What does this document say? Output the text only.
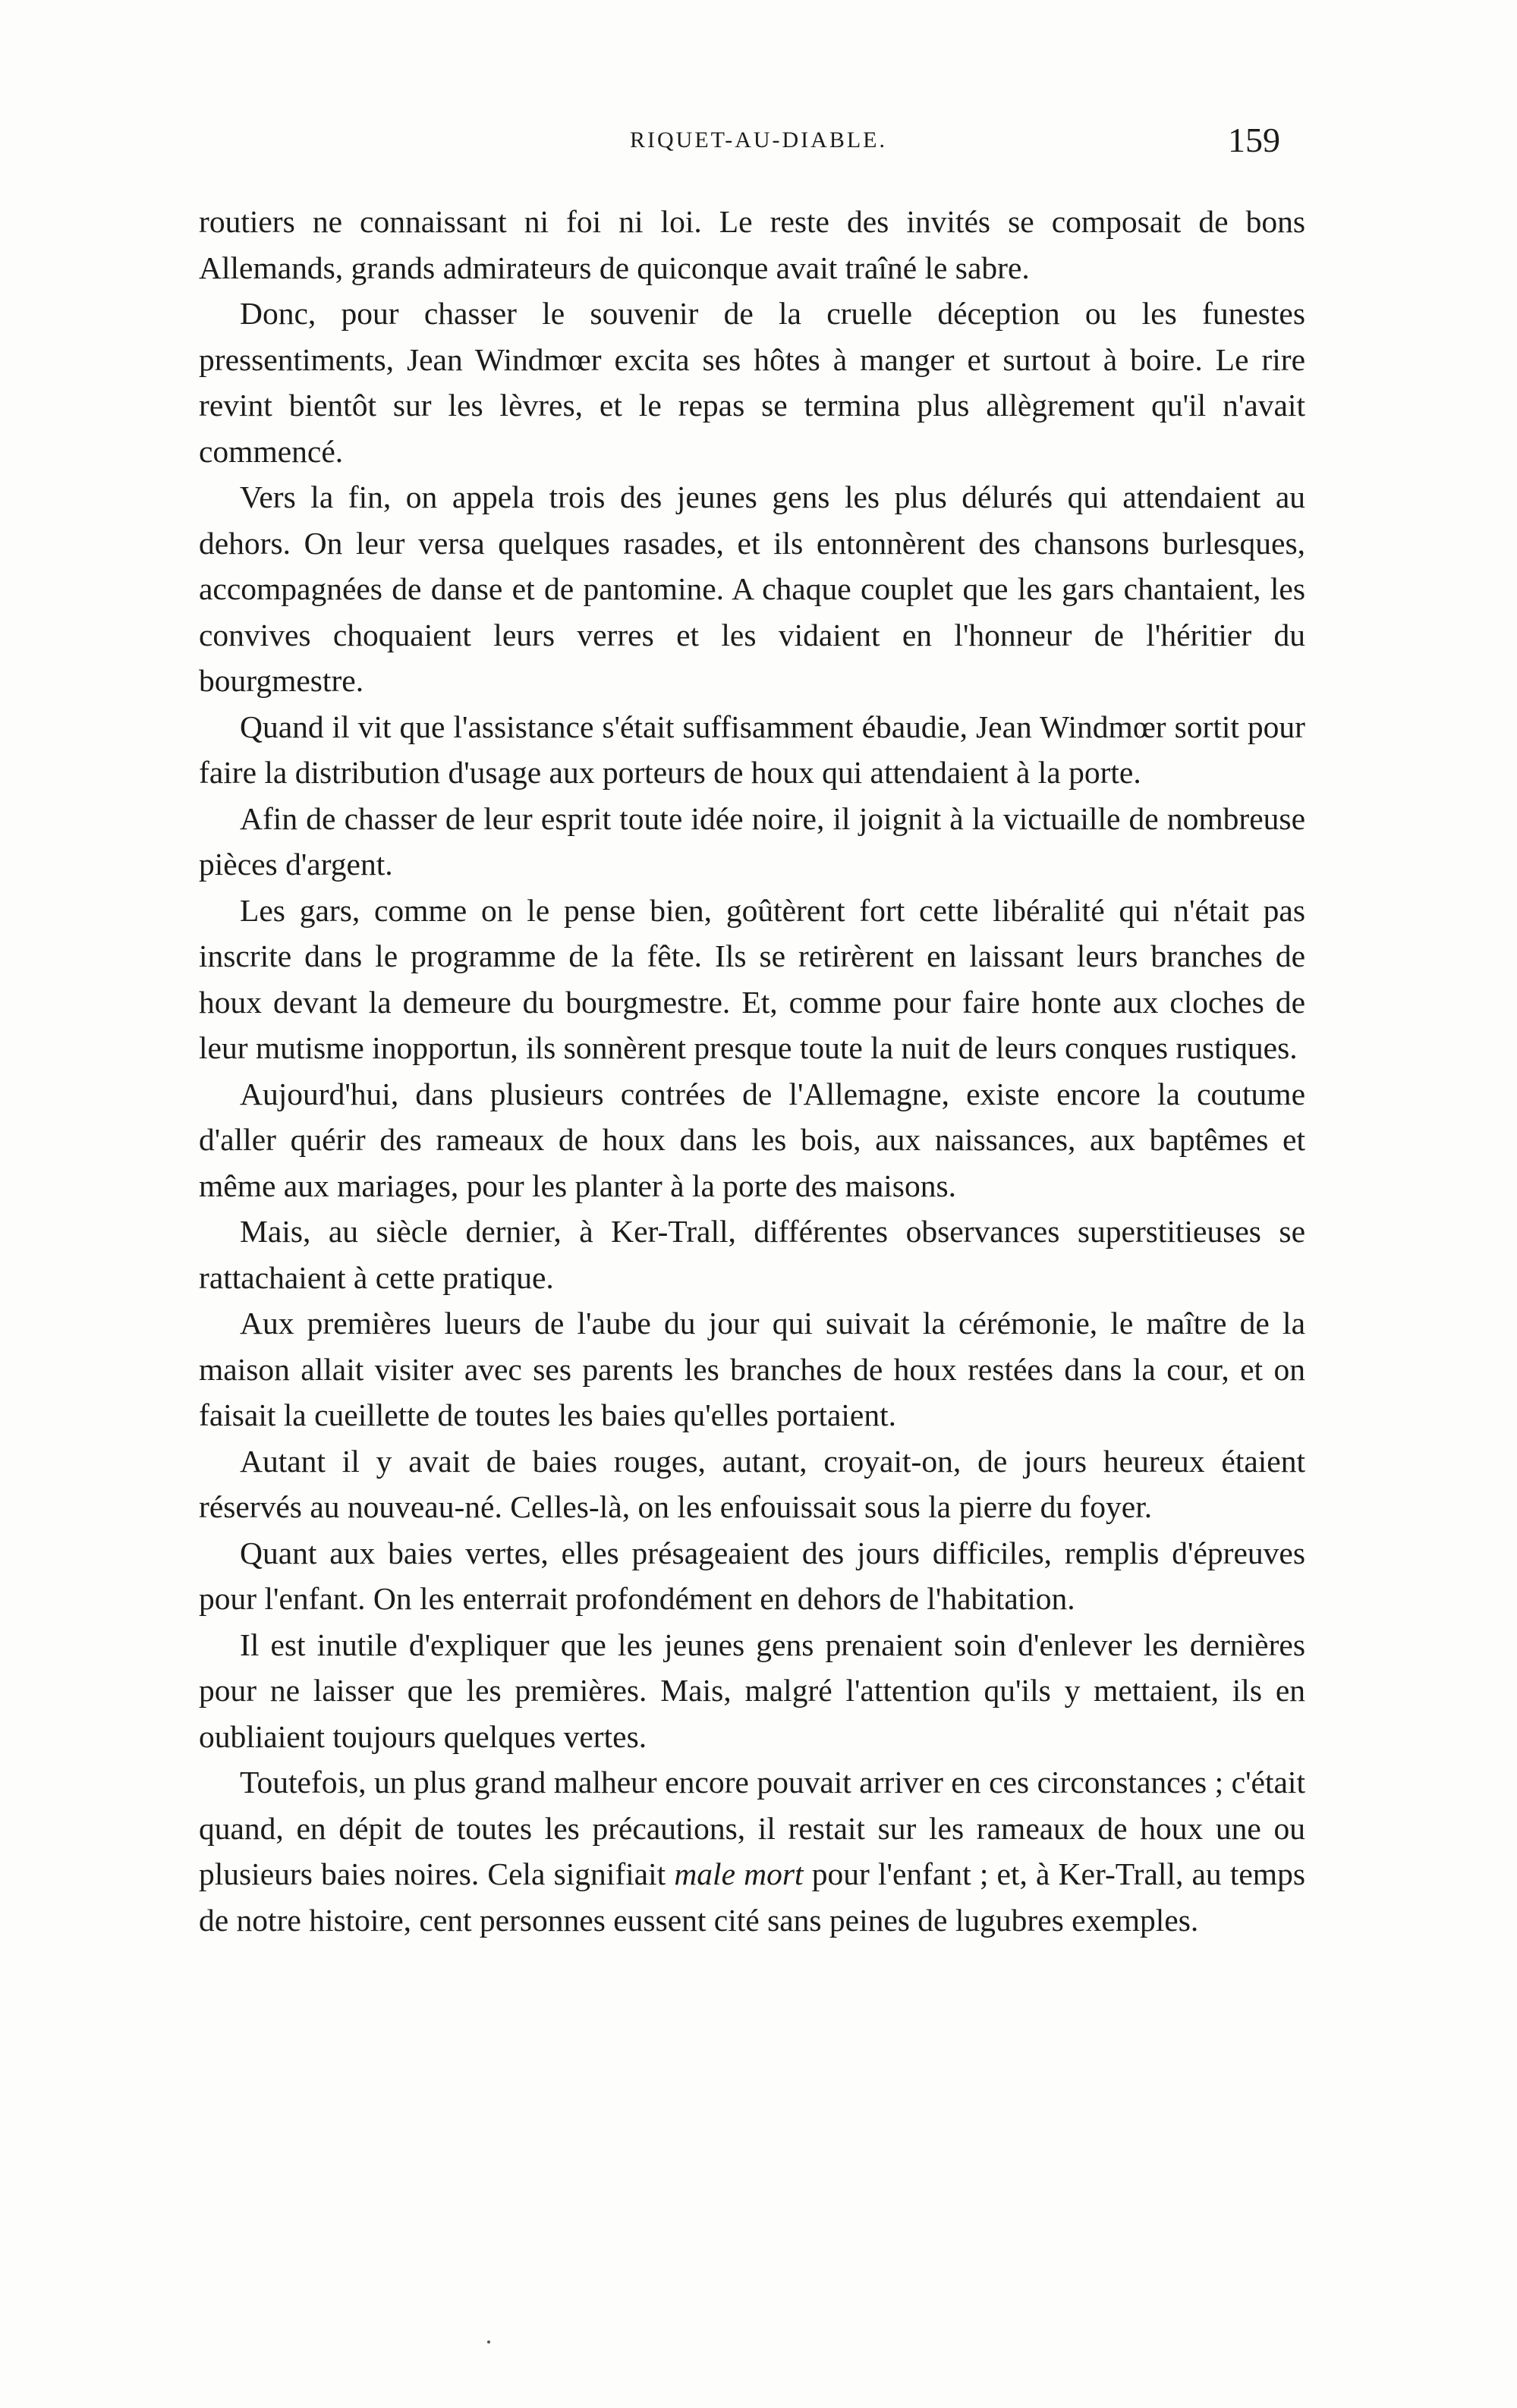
RIQUET-AU-DIABLE.	159

routiers ne connaissant ni foi ni loi. Le reste des invités se composait de bons Allemands, grands admirateurs de quiconque avait traîné le sabre.

Donc, pour chasser le souvenir de la cruelle déception ou les funestes pressentiments, Jean Windmœr excita ses hôtes à manger et surtout à boire. Le rire revint bientôt sur les lèvres, et le repas se termina plus allègrement qu'il n'avait commencé.

Vers la fin, on appela trois des jeunes gens les plus délurés qui attendaient au dehors. On leur versa quelques rasades, et ils entonnèrent des chansons burlesques, accompagnées de danse et de pantomine. A chaque couplet que les gars chantaient, les convives choquaient leurs verres et les vidaient en l'honneur de l'héritier du bourgmestre.

Quand il vit que l'assistance s'était suffisamment ébaudie, Jean Windmœr sortit pour faire la distribution d'usage aux porteurs de houx qui attendaient à la porte.

Afin de chasser de leur esprit toute idée noire, il joignit à la victuaille de nombreuse pièces d'argent.

Les gars, comme on le pense bien, goûtèrent fort cette libéralité qui n'était pas inscrite dans le programme de la fête. Ils se retirèrent en laissant leurs branches de houx devant la demeure du bourgmestre. Et, comme pour faire honte aux cloches de leur mutisme inopportun, ils sonnèrent presque toute la nuit de leurs conques rustiques.

Aujourd'hui, dans plusieurs contrées de l'Allemagne, existe encore la coutume d'aller quérir des rameaux de houx dans les bois, aux naissances, aux baptêmes et même aux mariages, pour les planter à la porte des maisons.

Mais, au siècle dernier, à Ker-Trall, différentes observances superstitieuses se rattachaient à cette pratique.

Aux premières lueurs de l'aube du jour qui suivait la cérémonie, le maître de la maison allait visiter avec ses parents les branches de houx restées dans la cour, et on faisait la cueillette de toutes les baies qu'elles portaient.

Autant il y avait de baies rouges, autant, croyait-on, de jours heureux étaient réservés au nouveau-né. Celles-là, on les enfouissait sous la pierre du foyer.

Quant aux baies vertes, elles présageaient des jours difficiles, remplis d'épreuves pour l'enfant. On les enterrait profondément en dehors de l'habitation.

Il est inutile d'expliquer que les jeunes gens prenaient soin d'enlever les dernières pour ne laisser que les premières. Mais, malgré l'attention qu'ils y mettaient, ils en oubliaient toujours quelques vertes.

Toutefois, un plus grand malheur encore pouvait arriver en ces circonstances ; c'était quand, en dépit de toutes les précautions, il restait sur les rameaux de houx une ou plusieurs baies noires. Cela signifiait male mort pour l'enfant ; et, à Ker-Trall, au temps de notre histoire, cent personnes eussent cité sans peines de lugubres exemples.
